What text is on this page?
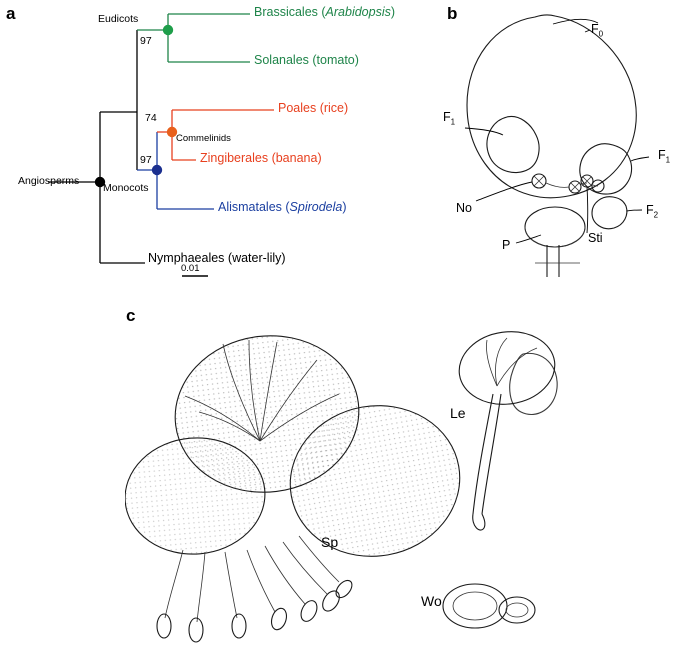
a	b
c
Angiosperms
Eudicots
Monocots
Commelinids
97
74
97
Brassicales (Arabidopsis)
Solanales (tomato)
Poales (rice)
Zingiberales (banana)
Alismatales (Spirodela)
Nymphaeales (water-lily)
0.01
$F_0$
$F_1$
$F_1$
$F_2$
No
P	Sti
Sp
Le
Wo
